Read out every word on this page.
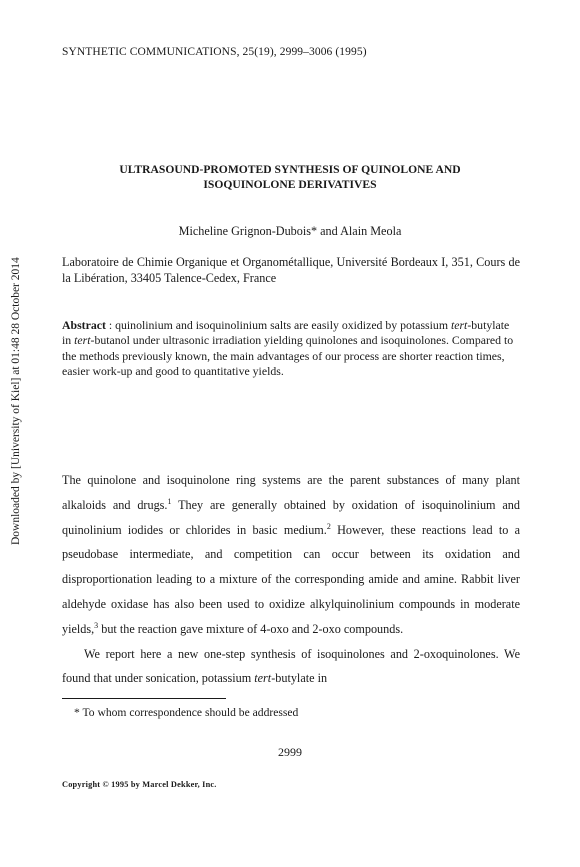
Downloaded by [University of Kiel] at 01:48 28 October 2014
SYNTHETIC COMMUNICATIONS, 25(19), 2999–3006 (1995)
ULTRASOUND-PROMOTED SYNTHESIS OF QUINOLONE AND
ISOQUINOLONE DERIVATIVES
Micheline Grignon-Dubois* and Alain Meola
Laboratoire de Chimie Organique et Organométallique, Université Bordeaux I, 351, Cours de la Libération, 33405 Talence-Cedex, France
Abstract : quinolinium and isoquinolinium salts are easily oxidized by potassium tert-butylate in tert-butanol under ultrasonic irradiation yielding quinolones and isoquinolones. Compared to the methods previously known, the main advantages of our process are shorter reaction times, easier work-up and good to quantitative yields.

The quinolone and isoquinolone ring systems are the parent substances of many plant alkaloids and drugs.$^1$ They are generally obtained by oxidation of isoquinolinium and quinolinium iodides or chlorides in basic medium.$^2$ However, these reactions lead to a pseudobase intermediate, and competition can occur between its oxidation and disproportionation leading to a mixture of the corresponding amide and amine. Rabbit liver aldehyde oxidase has also been used to oxidize alkylquinolinium compounds in moderate yields,$^3$ but the reaction gave mixture of 4-oxo and 2-oxo compounds.

We report here a new one-step synthesis of isoquinolones and 2-oxoquinolones. We found that under sonication, potassium tert-butylate in

* To whom correspondence should be addressed
2999
Copyright © 1995 by Marcel Dekker, Inc.
